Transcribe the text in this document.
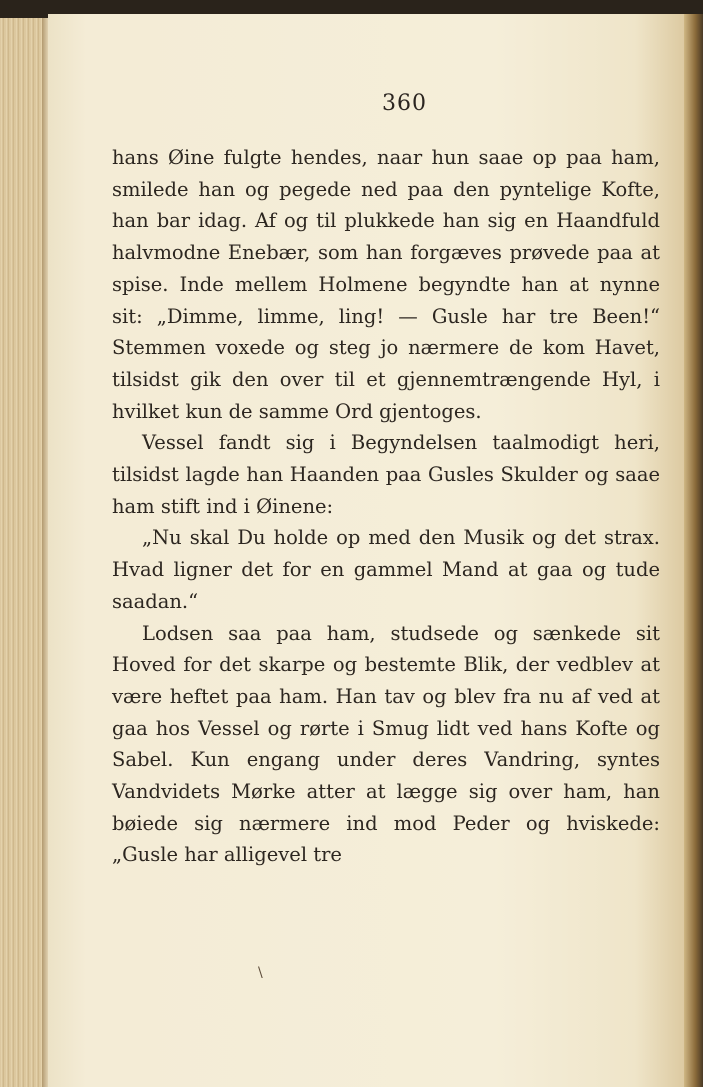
360

hans Øine fulgte hendes, naar hun saae op paa ham, smilede han og pegede ned paa den pyntelige Kofte, han bar idag. Af og til plukkede han sig en Haandfuld halvmodne Enebær, som han forgæves prøvede paa at spise. Inde mellem Holmene begyndte han at nynne sit: „Dimme, limme, ling! — Gusle har tre Been!“ Stemmen voxede og steg jo nærmere de kom Havet, tilsidst gik den over til et gjennemtrængende Hyl, i hvilket kun de samme Ord gjentoges.

Vessel fandt sig i Begyndelsen taalmodigt heri, tilsidst lagde han Haanden paa Gusles Skulder og saae ham stift ind i Øinene:

„Nu skal Du holde op med den Musik og det strax. Hvad ligner det for en gammel Mand at gaa og tude saadan.“

Lodsen saa paa ham, studsede og sænkede sit Hoved for det skarpe og bestemte Blik, der vedblev at være heftet paa ham. Han tav og blev fra nu af ved at gaa hos Vessel og rørte i Smug lidt ved hans Kofte og Sabel. Kun engang under deres Vandring, syntes Vandvidets Mørke atter at lægge sig over ham, han bøiede sig nærmere ind mod Peder og hviskede: „Gusle har alligevel tre

\
